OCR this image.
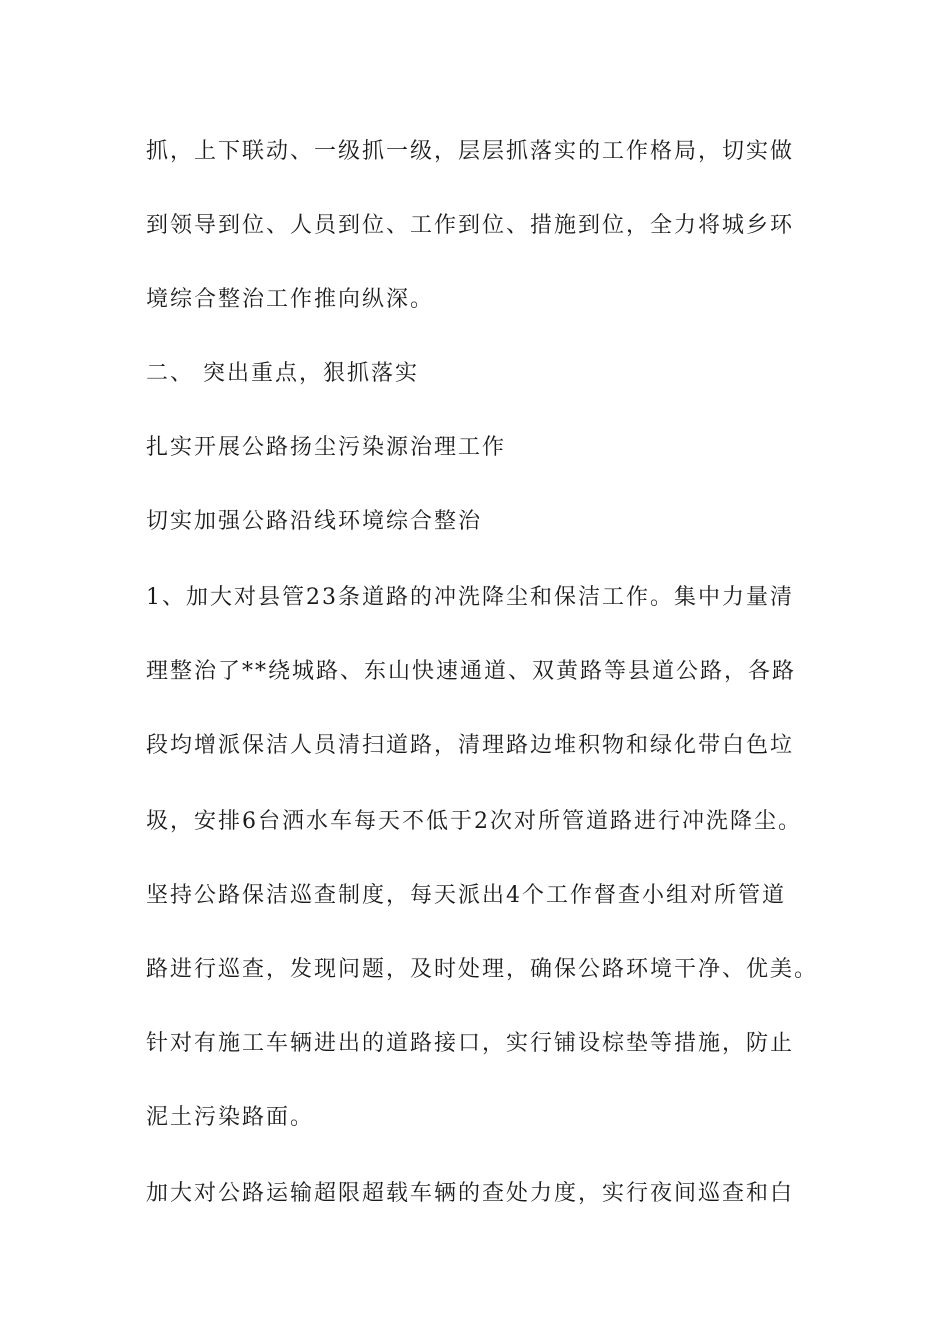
抓，上下联动、一级抓一级，层层抓落实的工作格局，切实做
到领导到位、人员到位、工作到位、措施到位，全力将城乡环
境综合整治工作推向纵深。
二、 突出重点，狠抓落实
扎实开展公路扬尘污染源治理工作
切实加强公路沿线环境综合整治
1、加大对县管23条道路的冲洗降尘和保洁工作。集中力量清
理整治了**绕城路、东山快速通道、双黄路等县道公路，各路
段均增派保洁人员清扫道路，清理路边堆积物和绿化带白色垃
圾，安排6台洒水车每天不低于2次对所管道路进行冲洗降尘。
坚持公路保洁巡查制度，每天派出4个工作督查小组对所管道
路进行巡查，发现问题，及时处理，确保公路环境干净、优美。
针对有施工车辆进出的道路接口，实行铺设棕垫等措施，防止
泥土污染路面。
加大对公路运输超限超载车辆的查处力度，实行夜间巡查和白
